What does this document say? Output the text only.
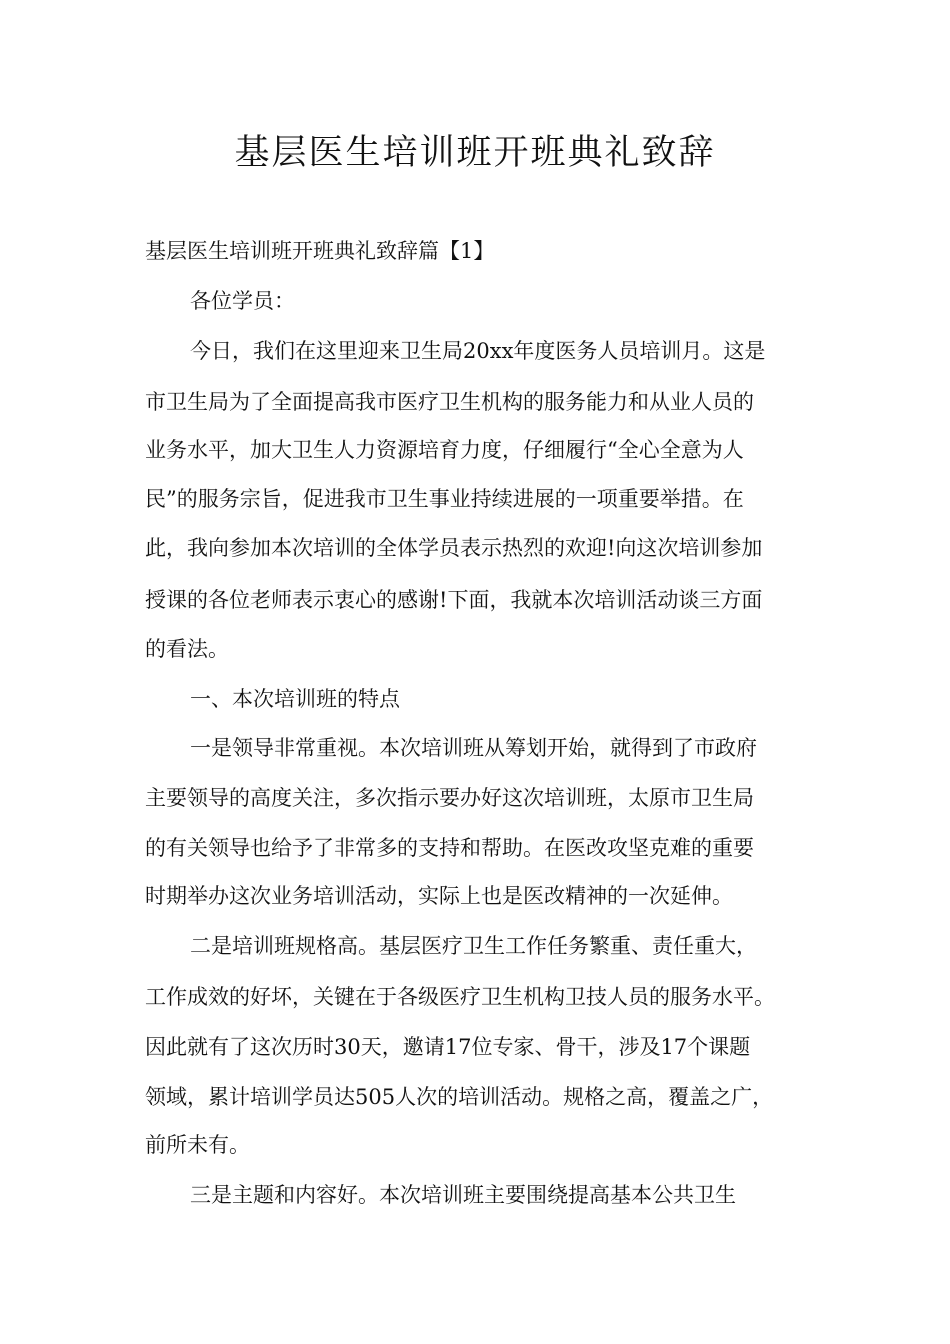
基层医生培训班开班典礼致辞
基层医生培训班开班典礼致辞篇【1】
各位学员：
今日，我们在这里迎来卫生局20xx年度医务人员培训月。这是
市卫生局为了全面提高我市医疗卫生机构的服务能力和从业人员的
业务水平，加大卫生人力资源培育力度，仔细履行“全心全意为人
民”的服务宗旨，促进我市卫生事业持续进展的一项重要举措。在
此，我向参加本次培训的全体学员表示热烈的欢迎!向这次培训参加
授课的各位老师表示衷心的感谢!下面，我就本次培训活动谈三方面
的看法。
一、本次培训班的特点
一是领导非常重视。本次培训班从筹划开始，就得到了市政府
主要领导的高度关注，多次指示要办好这次培训班，太原市卫生局
的有关领导也给予了非常多的支持和帮助。在医改攻坚克难的重要
时期举办这次业务培训活动，实际上也是医改精神的一次延伸。
二是培训班规格高。基层医疗卫生工作任务繁重、责任重大，
工作成效的好坏，关键在于各级医疗卫生机构卫技人员的服务水平。
因此就有了这次历时30天，邀请17位专家、骨干，涉及17个课题
领域，累计培训学员达505人次的培训活动。规格之高，覆盖之广，
前所未有。
三是主题和内容好。本次培训班主要围绕提高基本公共卫生
